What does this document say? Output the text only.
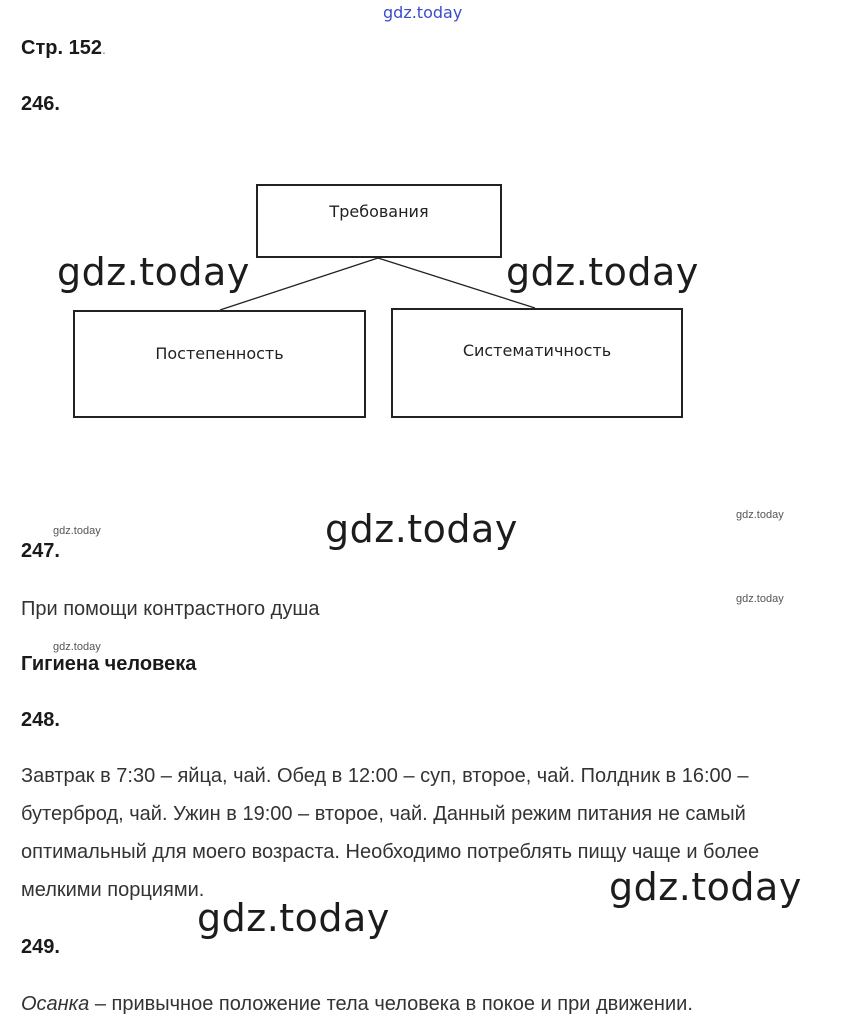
gdz.today
Стр. 152.
246.
Требования
Постепенность	Систематичность
gdz.today	gdz.today
gdz.today	gdz.today	gdz.today
247.
При помощи контрастного душа	gdz.today
gdz.today
Гигиена человека
248.
Завтрак в 7:30 – яйца, чай. Обед в 12:00 – суп, второе, чай. Полдник в 16:00 – бутерброд, чай. Ужин в 19:00 – второе, чай. Данный режим питания не самый оптимальный для моего возраста. Необходимо потреблять пищу чаще и более мелкими порциями.	gdz.today
gdz.today
249.
Осанка – привычное положение тела человека в покое и при движении.
